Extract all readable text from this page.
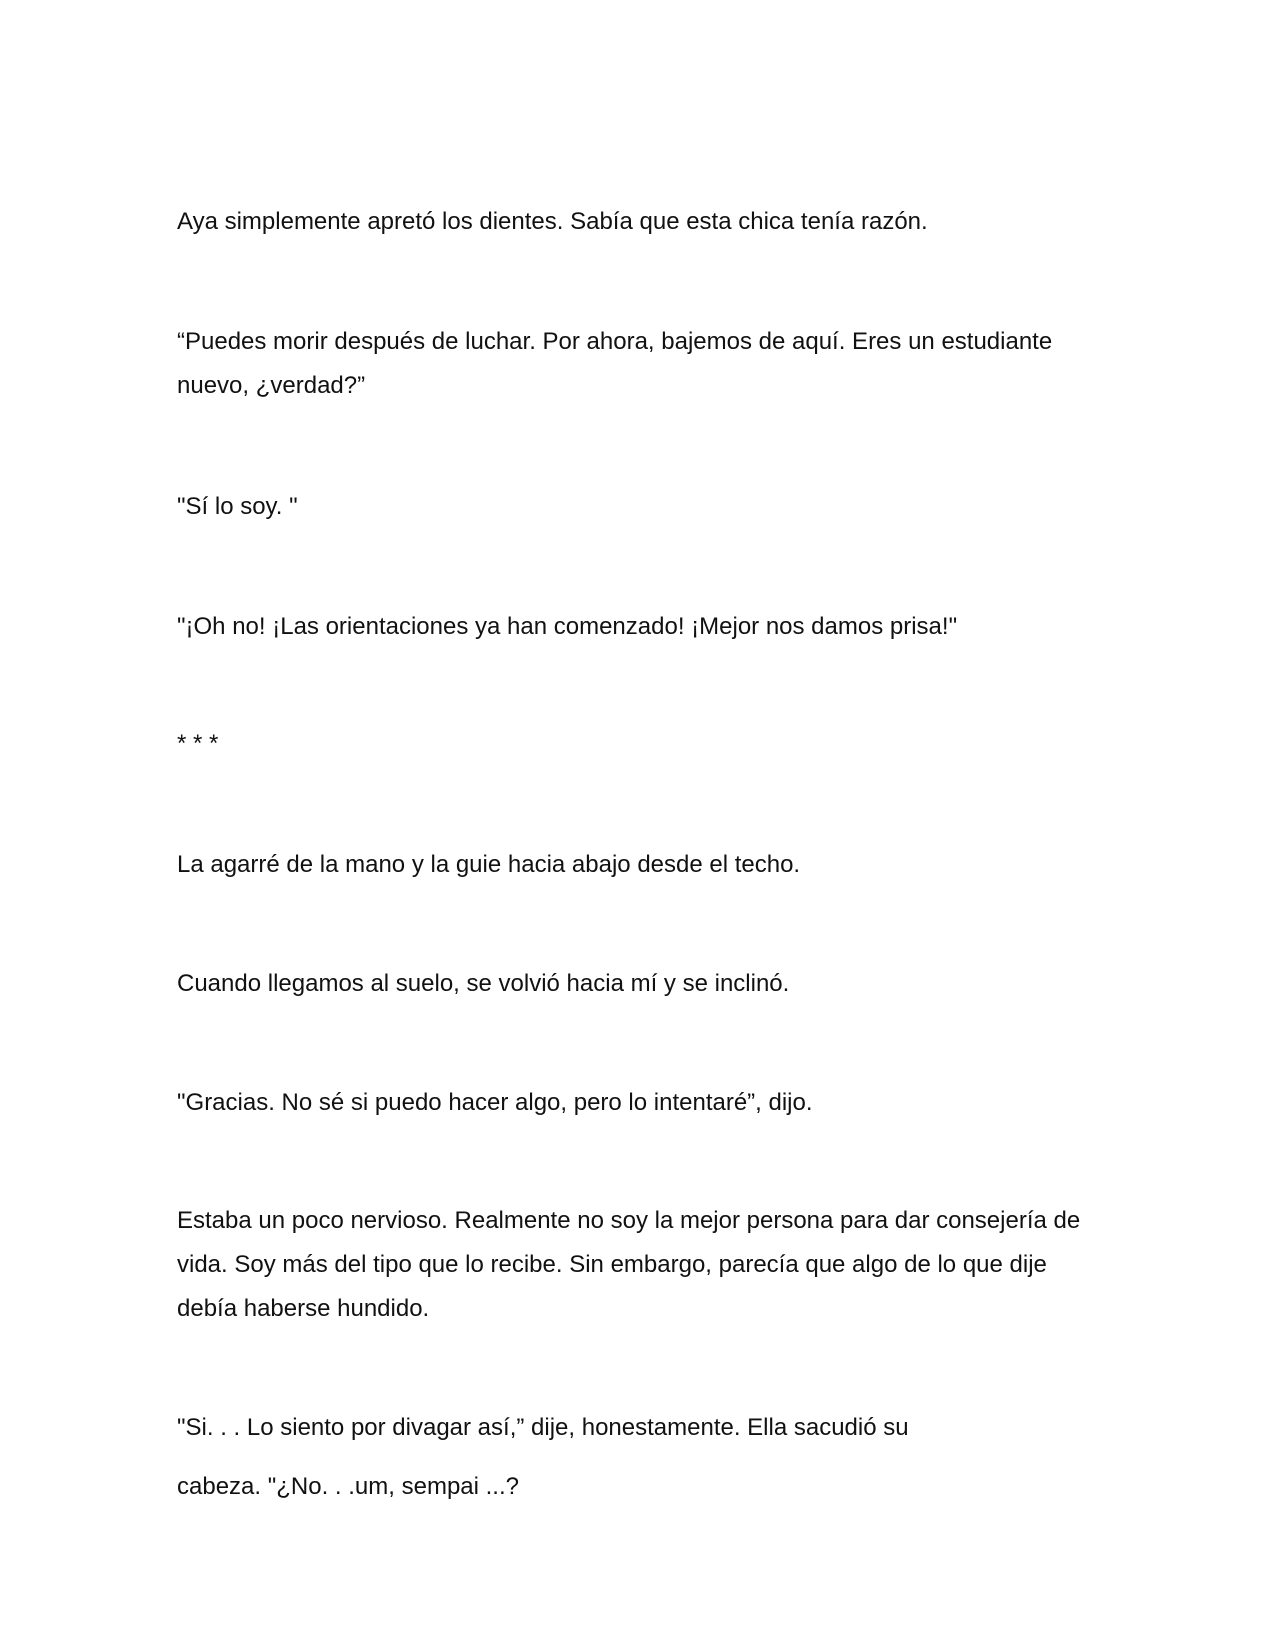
Aya simplemente apretó los dientes. Sabía que esta chica tenía razón.

“Puedes morir después de luchar. Por ahora, bajemos de aquí. Eres un estudiante nuevo, ¿verdad?”

"Sí lo soy. "

"¡Oh no! ¡Las orientaciones ya han comenzado! ¡Mejor nos damos prisa!"

* * *

La agarré de la mano y la guie hacia abajo desde el techo.

Cuando llegamos al suelo, se volvió hacia mí y se inclinó.

"Gracias. No sé si puedo hacer algo, pero lo intentaré”, dijo.

Estaba un poco nervioso. Realmente no soy la mejor persona para dar consejería de vida. Soy más del tipo que lo recibe. Sin embargo, parecía que algo de lo que dije debía haberse hundido.

"Si. . . Lo siento por divagar así,” dije, honestamente. Ella sacudió su

cabeza. "¿No. . .um, sempai ...?
